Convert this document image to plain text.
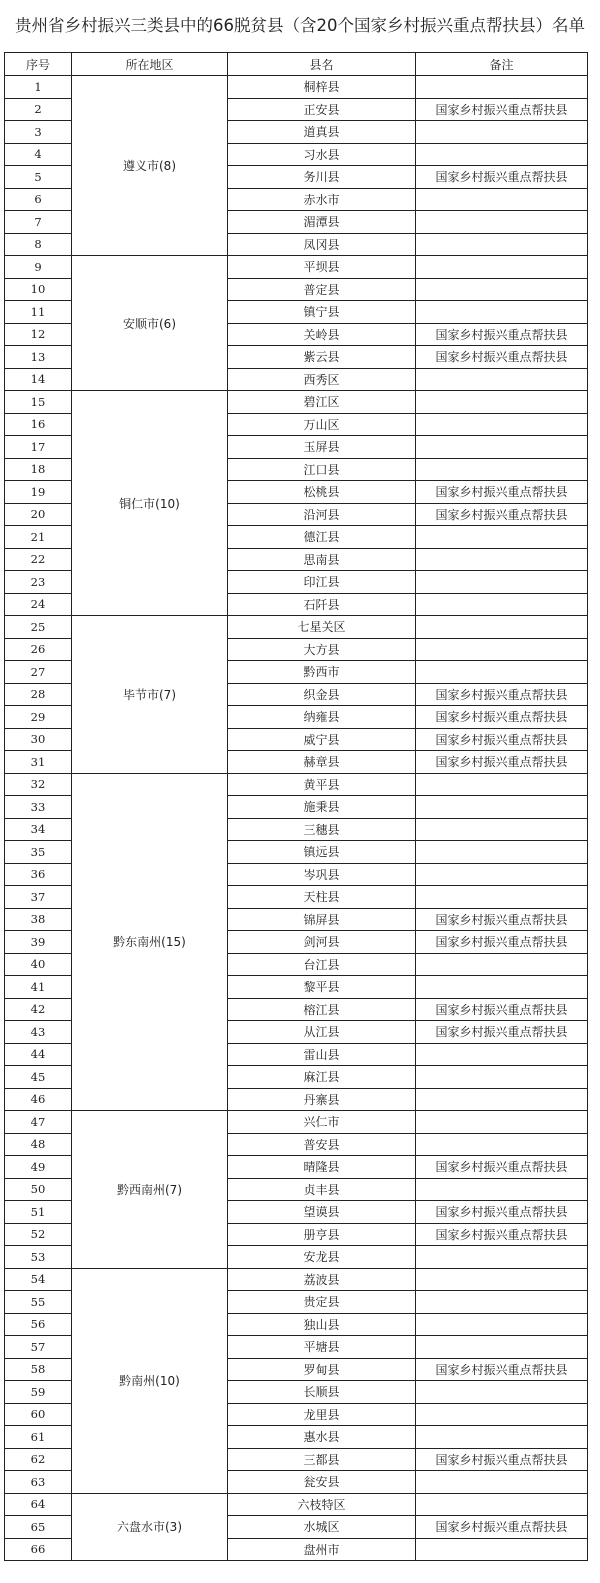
贵州省乡村振兴三类县中的66脱贫县（含20个国家乡村振兴重点帮扶县）名单
序号	所在地区	县名	备注
1	遵义市(8)	桐梓县	
2		正安县	国家乡村振兴重点帮扶县
3		道真县	
4		习水县	
5		务川县	国家乡村振兴重点帮扶县
6		赤水市	
7		湄潭县	
8		凤冈县	
9	安顺市(6)	平坝县	
10		普定县	
11		镇宁县	
12		关岭县	国家乡村振兴重点帮扶县
13		紫云县	国家乡村振兴重点帮扶县
14		西秀区	
15	铜仁市(10)	碧江区	
16		万山区	
17		玉屏县	
18		江口县	
19		松桃县	国家乡村振兴重点帮扶县
20		沿河县	国家乡村振兴重点帮扶县
21		德江县	
22		思南县	
23		印江县	
24		石阡县	
25	毕节市(7)	七星关区	
26		大方县	
27		黔西市	
28		织金县	国家乡村振兴重点帮扶县
29		纳雍县	国家乡村振兴重点帮扶县
30		威宁县	国家乡村振兴重点帮扶县
31		赫章县	国家乡村振兴重点帮扶县
32	黔东南州(15)	黄平县	
33		施秉县	
34		三穗县	
35		镇远县	
36		岑巩县	
37		天柱县	
38		锦屏县	国家乡村振兴重点帮扶县
39		剑河县	国家乡村振兴重点帮扶县
40		台江县	
41		黎平县	
42		榕江县	国家乡村振兴重点帮扶县
43		从江县	国家乡村振兴重点帮扶县
44		雷山县	
45		麻江县	
46		丹寨县	
47	黔西南州(7)	兴仁市	
48		普安县	
49		晴隆县	国家乡村振兴重点帮扶县
50		贞丰县	
51		望谟县	国家乡村振兴重点帮扶县
52		册亨县	国家乡村振兴重点帮扶县
53		安龙县	
54	黔南州(10)	荔波县	
55		贵定县	
56		独山县	
57		平塘县	
58		罗甸县	国家乡村振兴重点帮扶县
59		长顺县	
60		龙里县	
61		惠水县	
62		三都县	国家乡村振兴重点帮扶县
63		瓮安县	
64	六盘水市(3)	六枝特区	
65		水城区	国家乡村振兴重点帮扶县
66		盘州市	
